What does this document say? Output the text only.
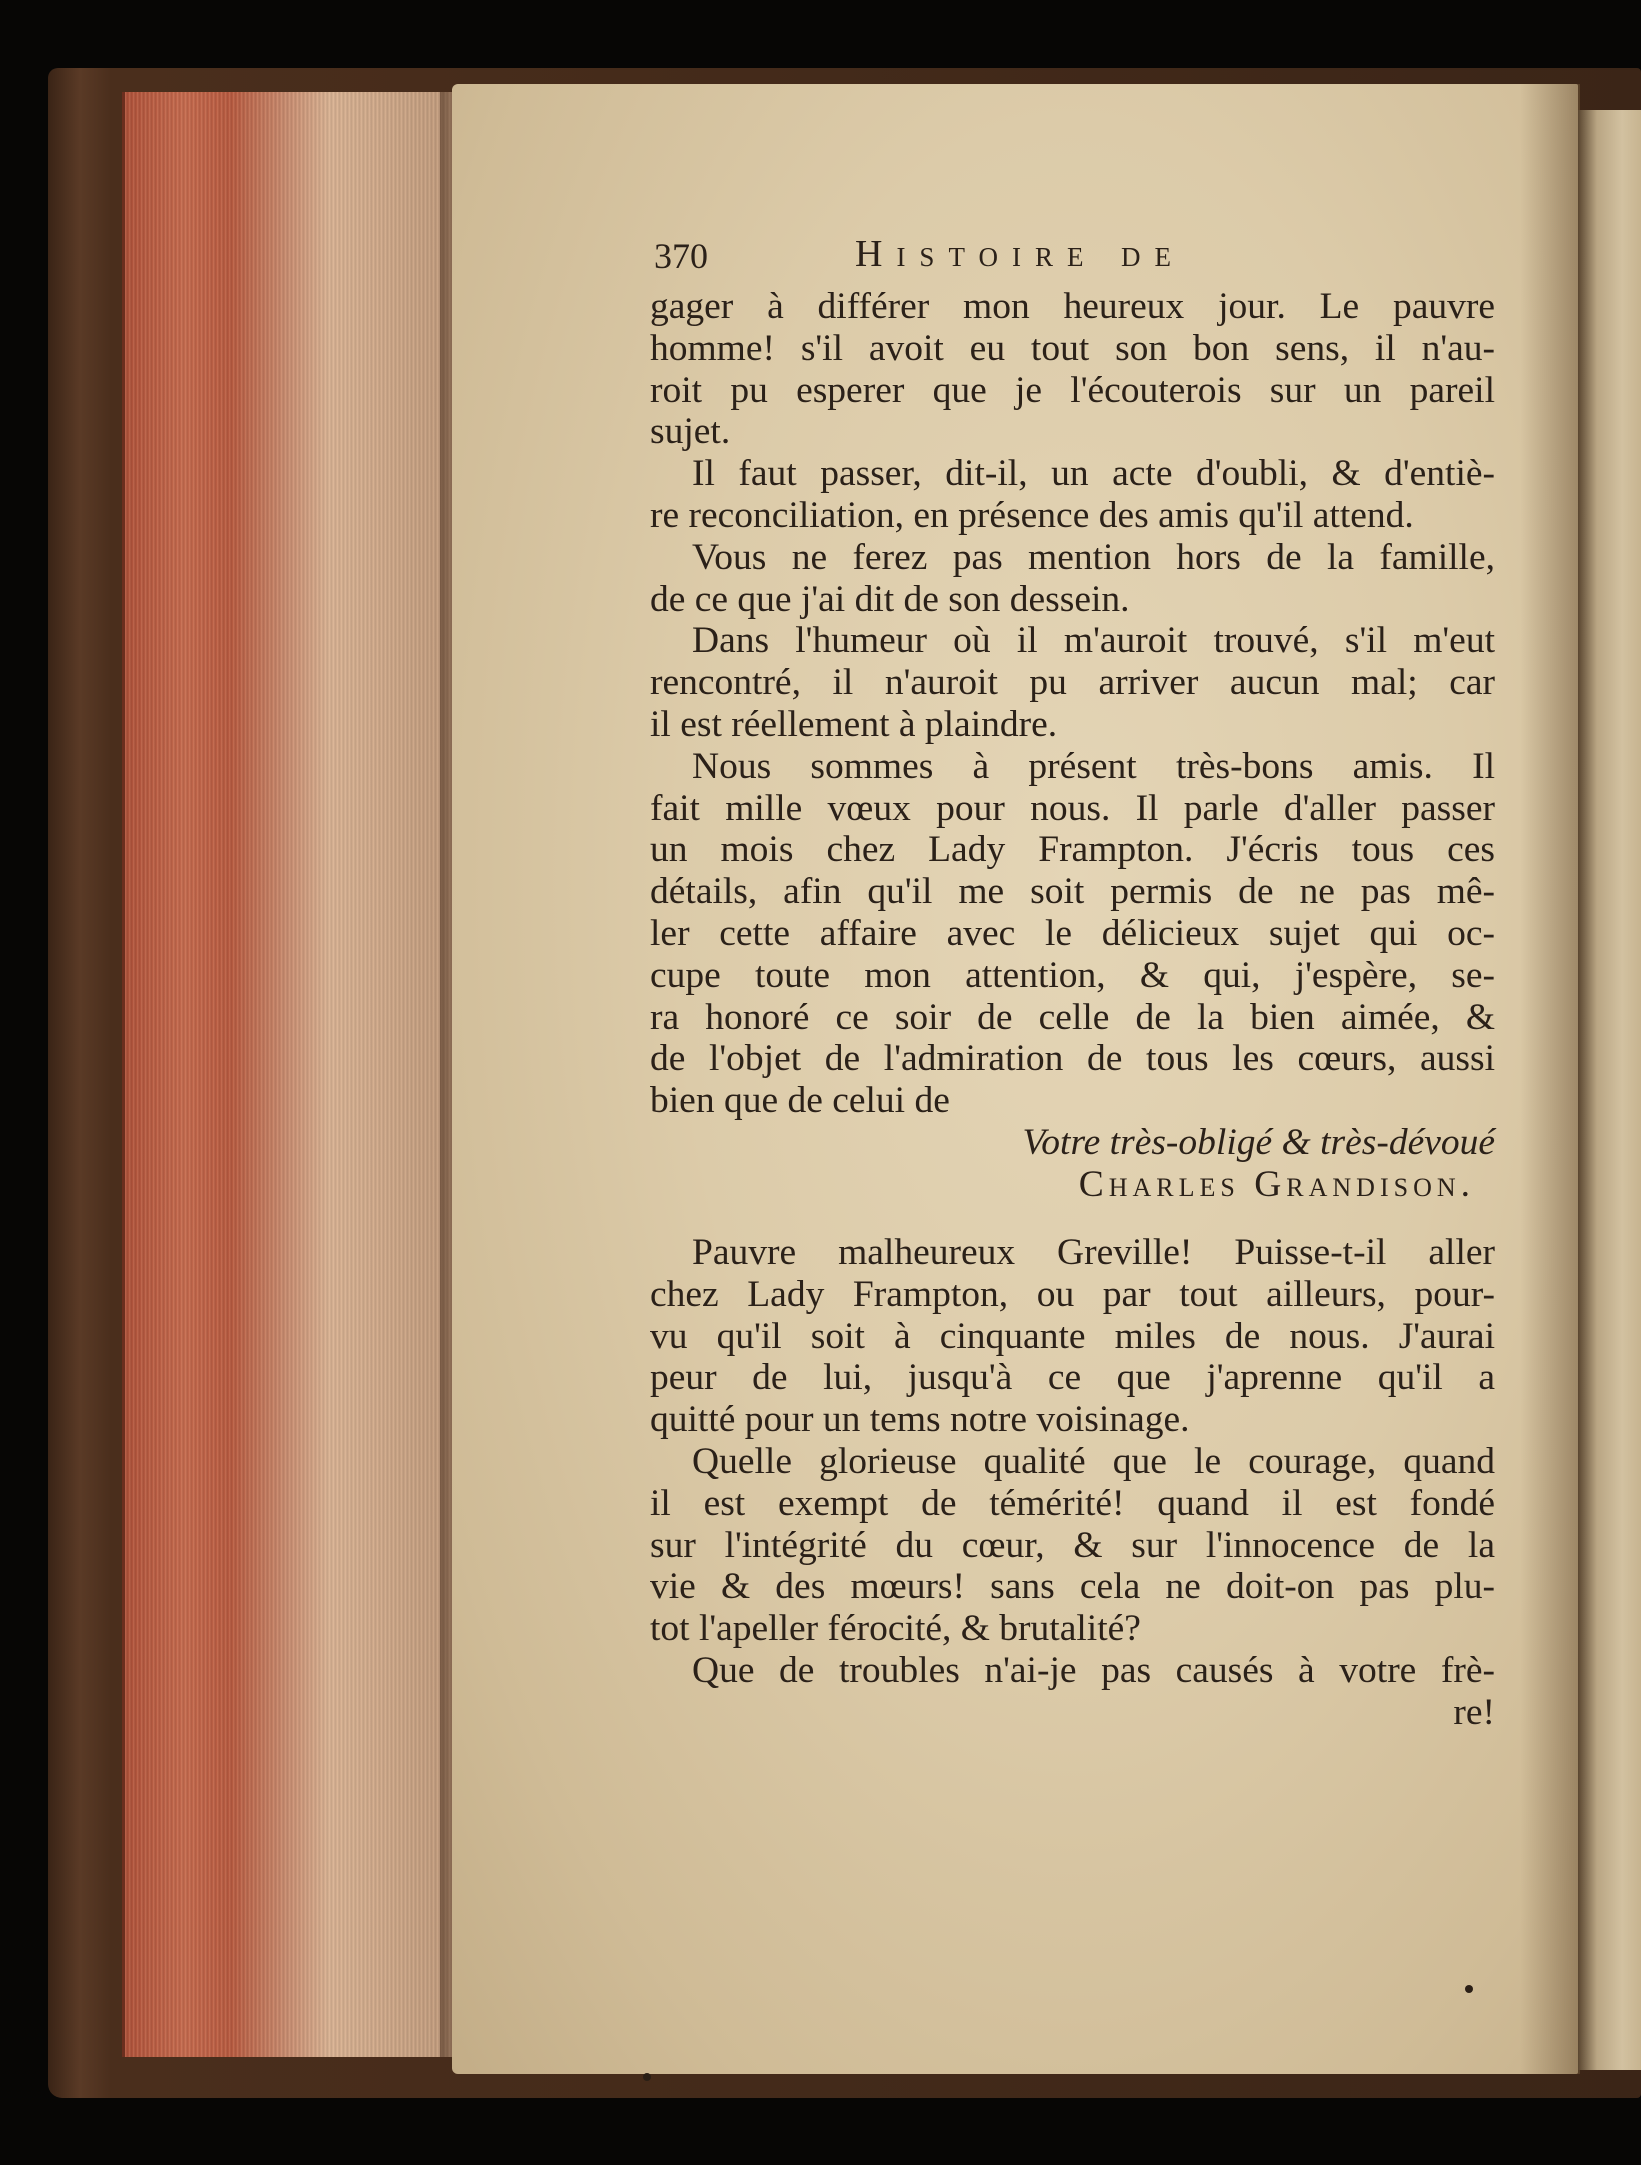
370	Histoire de
gager à différer mon heureux jour. Le pauvre
homme! s'il avoit eu tout son bon sens, il n'au-
roit pu esperer que je l'écouterois sur un pareil
sujet.
Il faut passer, dit-il, un acte d'oubli, & d'entiè-
re reconciliation, en présence des amis qu'il attend.
Vous ne ferez pas mention hors de la famille,
de ce que j'ai dit de son dessein.
Dans l'humeur où il m'auroit trouvé, s'il m'eut
rencontré, il n'auroit pu arriver aucun mal; car
il est réellement à plaindre.
Nous sommes à présent très-bons amis. Il
fait mille vœux pour nous. Il parle d'aller passer
un mois chez Lady Frampton. J'écris tous ces
détails, afin qu'il me soit permis de ne pas mê-
ler cette affaire avec le délicieux sujet qui oc-
cupe toute mon attention, & qui, j'espère, se-
ra honoré ce soir de celle de la bien aimée, &
de l'objet de l'admiration de tous les cœurs, aussi
bien que de celui de
Votre très-obligé & très-dévoué
Charles Grandison.
Pauvre malheureux Greville! Puisse-t-il aller
chez Lady Frampton, ou par tout ailleurs, pour-
vu qu'il soit à cinquante miles de nous. J'aurai
peur de lui, jusqu'à ce que j'aprenne qu'il a
quitté pour un tems notre voisinage.
Quelle glorieuse qualité que le courage, quand
il est exempt de témérité! quand il est fondé
sur l'intégrité du cœur, & sur l'innocence de la
vie & des mœurs! sans cela ne doit-on pas plu-
tot l'apeller férocité, & brutalité?
Que de troubles n'ai-je pas causés à votre frè-
re!
